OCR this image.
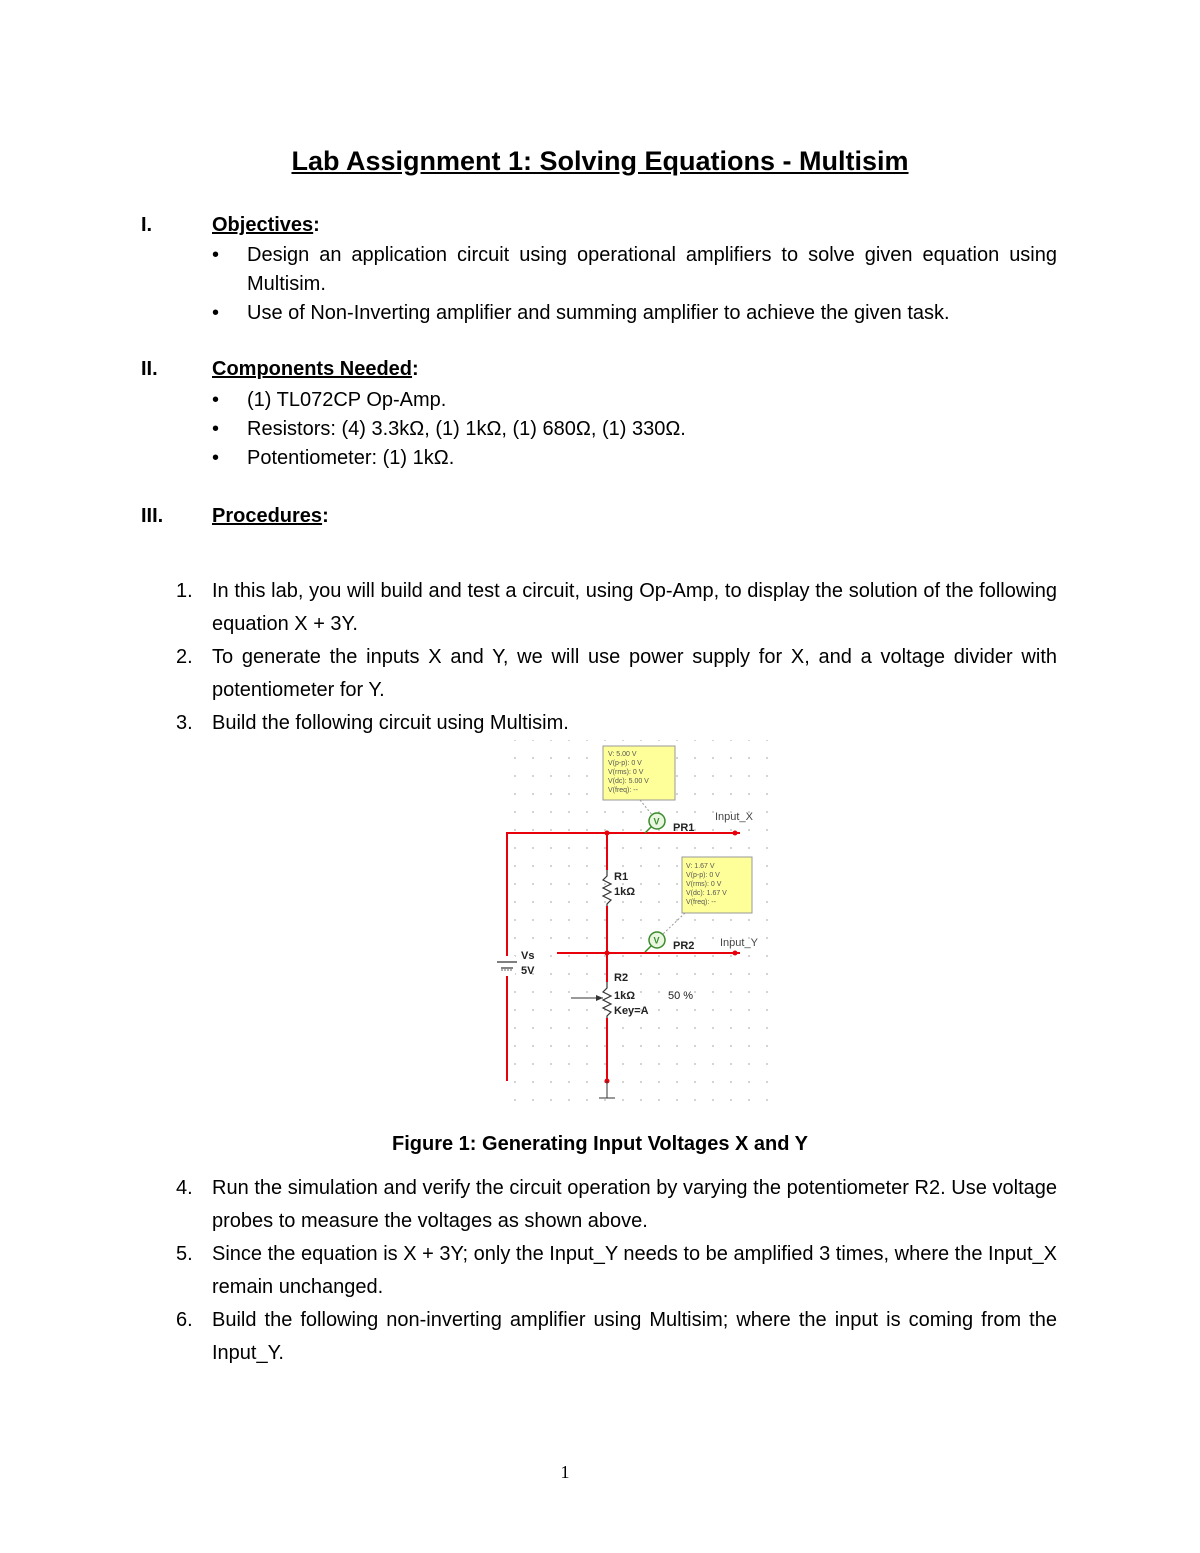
Lab Assignment 1: Solving Equations - Multisim
I.	Objectives:
• Design an application circuit using operational amplifiers to solve given equation using Multisim.
• Use of Non-Inverting amplifier and summing amplifier to achieve the given task.
II.	Components Needed:
• (1) TL072CP Op-Amp.
• Resistors: (4) 3.3kΩ, (1) 1kΩ, (1) 680Ω, (1) 330Ω.
• Potentiometer: (1) 1kΩ.
III. Procedures:
1. In this lab, you will build and test a circuit, using Op-Amp, to display the solution of the following equation X + 3Y.
2. To generate the inputs X and Y, we will use power supply for X, and a voltage divider with potentiometer for Y.
3. Build the following circuit using Multisim.
V: 5.00 V
V(p-p): 0 V
V(rms): 0 V
V(dc): 5.00 V
V(freq): --
V: 1.67 V
V(p-p): 0 V
V(rms): 0 V
V(dc): 1.67 V
V(freq): --
Vs
5V
R1
1kΩ
R2
1kΩ
Key=A
50 %
V
PR1
Input_X
V PR2 Input_Y
Figure 1: Generating Input Voltages X and Y
4. Run the simulation and verify the circuit operation by varying the potentiometer R2. Use voltage probes to measure the voltages as shown above.
5. Since the equation is X + 3Y; only the Input_Y needs to be amplified 3 times, where the Input_X remain unchanged.
6. Build the following non-inverting amplifier using Multisim; where the input is coming from the Input_Y.
1
